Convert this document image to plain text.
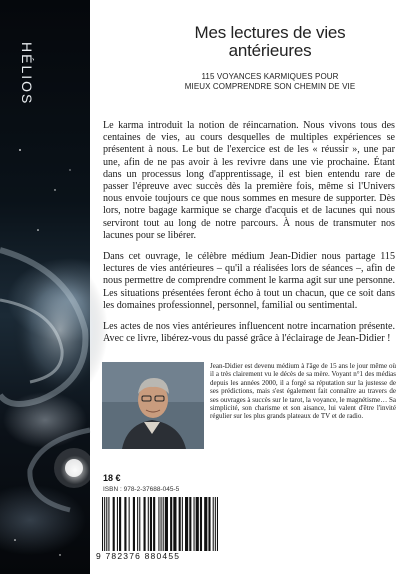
HÉLIOS
Mes lectures de vies antérieures
115 VOYANCES KARMIQUES POUR
MIEUX COMPRENDRE SON CHEMIN DE VIE

Le karma introduit la notion de réincarnation. Nous vivons tous des centaines de vies, au cours desquelles de multiples expériences se présentent à nous. Le but de l'exercice est de les « réussir », une par une, afin de ne pas avoir à les revivre dans une vie prochaine. Étant dans un processus long d'apprentissage, il est bien entendu rare de passer l'épreuve avec succès dès la première fois, même si l'Univers nous envoie toujours ce que nous sommes en mesure de supporter. Dès lors, notre bagage karmique se charge d'acquis et de lacunes qui nous serviront tout au long de notre parcours. À nous de transmuter nos lacunes pour se libérer.

Dans cet ouvrage, le célèbre médium Jean-Didier nous partage 115 lectures de vies antérieures – qu'il a réalisées lors de séances –, afin de nous permettre de comprendre comment le karma agit sur une personne. Les situations présentées feront écho à tout un chacun, que ce soit dans les domaines professionnel, personnel, familial ou sentimental.

Les actes de nos vies antérieures influencent notre incarnation présente. Avec ce livre, libérez-vous du passé grâce à l'éclairage de Jean-Didier !

Jean-Didier est devenu médium à l'âge de 15 ans le jour même où il a très clairement vu le décès de sa mère. Voyant n°1 des médias depuis les années 2000, il a forgé sa réputation sur la justesse de ses prédictions, mais s'est également fait connaître au travers de ses ouvrages à succès sur le tarot, la voyance, le magnétisme… Sa simplicité, son charisme et son aisance, lui valent d'être l'invité régulier sur les plus grands plateaux de TV et de radio.
18 €
ISBN : 978-2-37688-045-5
9 782376 880455
